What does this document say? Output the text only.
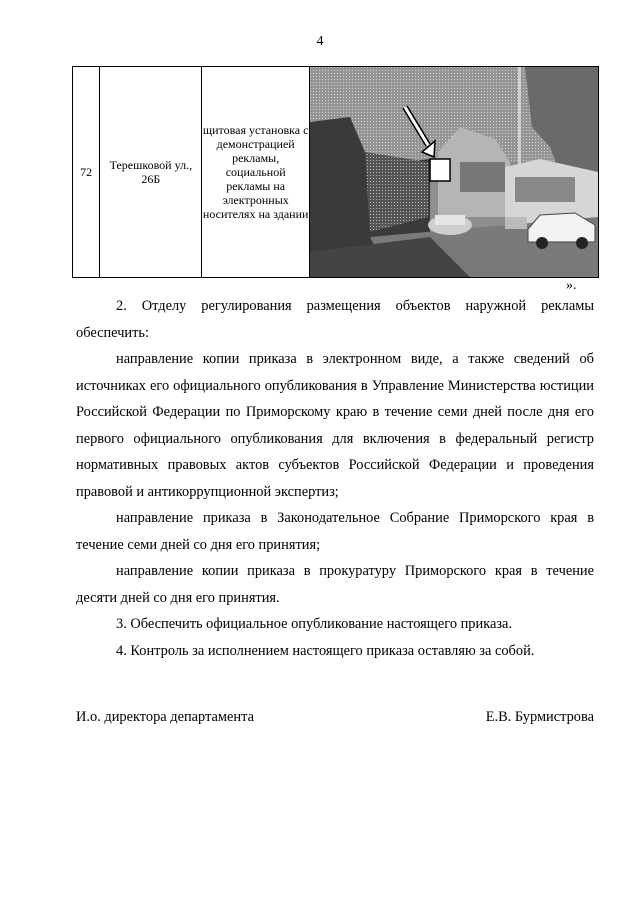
4
72	Терешковой ул., 26Б	щитовая установка с демонстрацией рекламы, социальной рекламы на электронных носителях на здании	
».

2. Отделу регулирования размещения объектов наружной рекламы обеспечить:

направление копии приказа в электронном виде, а также сведений об источниках его официального опубликования в Управление Министерства юстиции Российской Федерации по Приморскому краю в течение семи дней после дня его первого официального опубликования для включения в федеральный регистр нормативных правовых актов субъектов Российской Федерации и проведения правовой и антикоррупционной экспертиз;

направление приказа в Законодательное Собрание Приморского края в течение семи дней со дня его принятия;

направление копии приказа в прокуратуру Приморского края в течение десяти дней со дня его принятия.

3. Обеспечить официальное опубликование настоящего приказа.

4. Контроль за исполнением настоящего приказа оставляю за собой.

И.о. директора департамента	Е.В. Бурмистрова
